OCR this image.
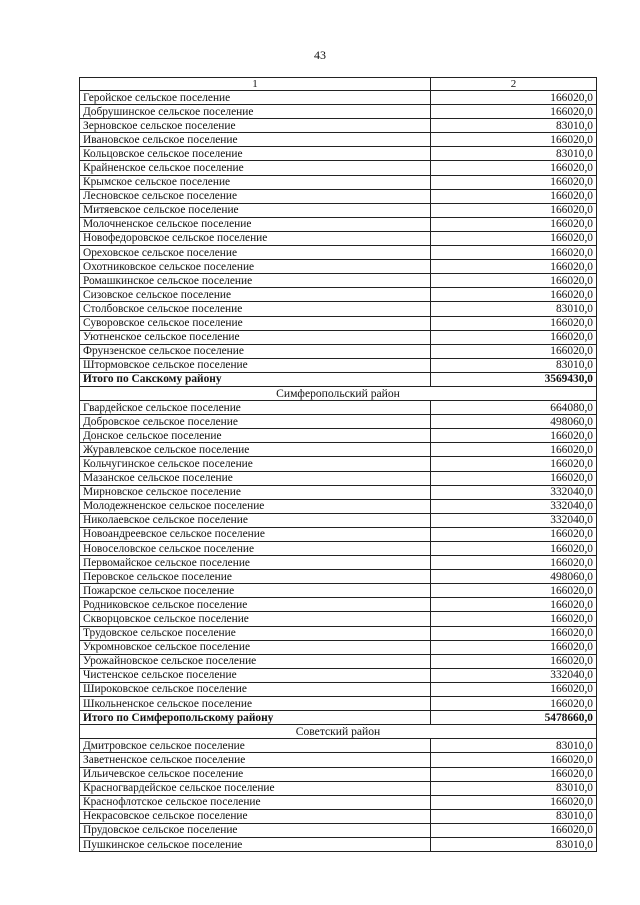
43
1	2
Геройское сельское поселение	166020,0
Добрушинское сельское поселение	166020,0
Зерновское сельское поселение	83010,0
Ивановское сельское поселение	166020,0
Кольцовское сельское поселение	83010,0
Крайненское сельское поселение	166020,0
Крымское сельское поселение	166020,0
Лесновское сельское поселение	166020,0
Митяевское сельское поселение	166020,0
Молочненское сельское поселение	166020,0
Новофедоровское сельское поселение	166020,0
Ореховское сельское поселение	166020,0
Охотниковское сельское поселение	166020,0
Ромашкинское сельское поселение	166020,0
Сизовское сельское поселение	166020,0
Столбовское сельское поселение	83010,0
Суворовское сельское поселение	166020,0
Уютненское сельское поселение	166020,0
Фрунзенское сельское поселение	166020,0
Штормовское сельское поселение	83010,0
Итого по Сакскому району	3569430,0
Симферопольский район	
Гвардейское сельское поселение	664080,0
Добровское сельское поселение	498060,0
Донское сельское поселение	166020,0
Журавлевское сельское поселение	166020,0
Кольчугинское сельское поселение	166020,0
Мазанское сельское поселение	166020,0
Мирновское сельское поселение	332040,0
Молодежненское сельское поселение	332040,0
Николаевское сельское поселение	332040,0
Новоандреевское сельское поселение	166020,0
Новоселовское сельское поселение	166020,0
Первомайское сельское поселение	166020,0
Перовское сельское поселение	498060,0
Пожарское сельское поселение	166020,0
Родниковское сельское поселение	166020,0
Скворцовское сельское поселение	166020,0
Трудовское сельское поселение	166020,0
Укромновское сельское поселение	166020,0
Урожайновское сельское поселение	166020,0
Чистенское сельское поселение	332040,0
Широковское сельское поселение	166020,0
Школьненское сельское поселение	166020,0
Итого по Симферопольскому району	5478660,0
Советский район	
Дмитровское сельское поселение	83010,0
Заветненское сельское поселение	166020,0
Ильичевское сельское поселение	166020,0
Красногвардейское сельское поселение	83010,0
Краснофлотское сельское поселение	166020,0
Некрасовское сельское поселение	83010,0
Прудовское сельское поселение	166020,0
Пушкинское сельское поселение	83010,0
